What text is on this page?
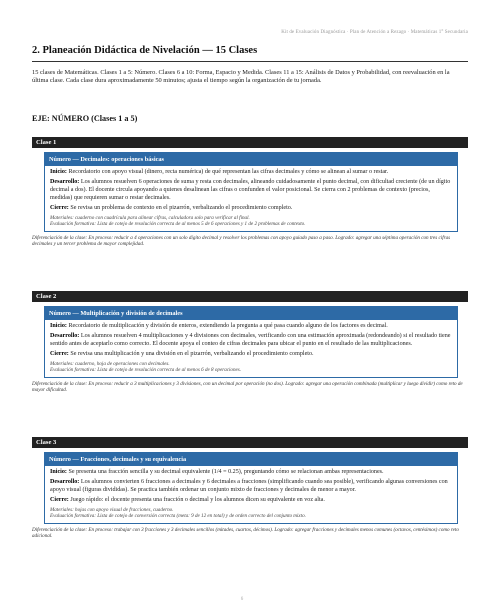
Kit de Evaluación Diagnóstica · Plan de Atención a Rezago · Matemáticas 1° Secundaria
2. Planeación Didáctica de Nivelación — 15 Clases

15 clases de Matemáticas. Clases 1 a 5: Número. Clases 6 a 10: Forma, Espacio y Medida. Clases 11 a 15: Análisis de Datos y Probabilidad, con reevaluación en la última clase. Cada clase dura aproximadamente 50 minutos; ajusta el tiempo según la organización de tu jornada.

EJE: NÚMERO (Clases 1 a 5)
Clase 1
Número — Decimales: operaciones básicas

Inicio: Recordatorio con apoyo visual (dinero, recta numérica) de qué representan las cifras decimales y cómo se alinean al sumar o restar.

Desarrollo: Los alumnos resuelven 6 operaciones de suma y resta con decimales, alineando cuidadosamente el punto decimal, con dificultad creciente (de un dígito decimal a dos). El docente circula apoyando a quienes desalinean las cifras o confunden el valor posicional. Se cierra con 2 problemas de contexto (precios, medidas) que requieren sumar o restar decimales.

Cierre: Se revisa un problema de contexto en el pizarrón, verbalizando el procedimiento completo.

Materiales: cuaderno con cuadrícula para alinear cifras, calculadora solo para verificar al final.

Evaluación formativa: Lista de cotejo de resolución correcta de al menos 5 de 6 operaciones y 1 de 2 problemas de contexto.

Diferenciación de la clase: En proceso: reducir a 4 operaciones con un solo dígito decimal y resolver los problemas con apoyo guiado paso a paso. Logrado: agregar una séptima operación con tres cifras decimales y un tercer problema de mayor complejidad.

Clase 2
Número — Multiplicación y división de decimales

Inicio: Recordatorio de multiplicación y división de enteros, extendiendo la pregunta a qué pasa cuando alguno de los factores es decimal.

Desarrollo: Los alumnos resuelven 4 multiplicaciones y 4 divisiones con decimales, verificando con una estimación aproximada (redondeando) si el resultado tiene sentido antes de aceptarlo como correcto. El docente apoya el conteo de cifras decimales para ubicar el punto en el resultado de las multiplicaciones.

Cierre: Se revisa una multiplicación y una división en el pizarrón, verbalizando el procedimiento completo.

Materiales: cuaderno, hoja de operaciones con decimales.

Evaluación formativa: Lista de cotejo de resolución correcta de al menos 6 de 8 operaciones.

Diferenciación de la clase: En proceso: reducir a 3 multiplicaciones y 3 divisiones, con un decimal por operación (no dos). Logrado: agregar una operación combinada (multiplicar y luego dividir) como reto de mayor dificultad.

Clase 3
Número — Fracciones, decimales y su equivalencia

Inicio: Se presenta una fracción sencilla y su decimal equivalente (1/4 = 0.25), preguntando cómo se relacionan ambas representaciones.

Desarrollo: Los alumnos convierten 6 fracciones a decimales y 6 decimales a fracciones (simplificando cuando sea posible), verificando algunas conversiones con apoyo visual (figuras divididas). Se practica también ordenar un conjunto mixto de fracciones y decimales de menor a mayor.

Cierre: Juego rápido: el docente presenta una fracción o decimal y los alumnos dicen su equivalente en voz alta.

Materiales: hojas con apoyo visual de fracciones, cuaderno.

Evaluación formativa: Lista de cotejo de conversión correcta (meta: 9 de 12 en total) y de orden correcto del conjunto mixto.

Diferenciación de la clase: En proceso: trabajar con 3 fracciones y 3 decimales sencillos (mitades, cuartos, décimos). Logrado: agregar fracciones y decimales menos comunes (octavos, centésimos) como reto adicional.

6
